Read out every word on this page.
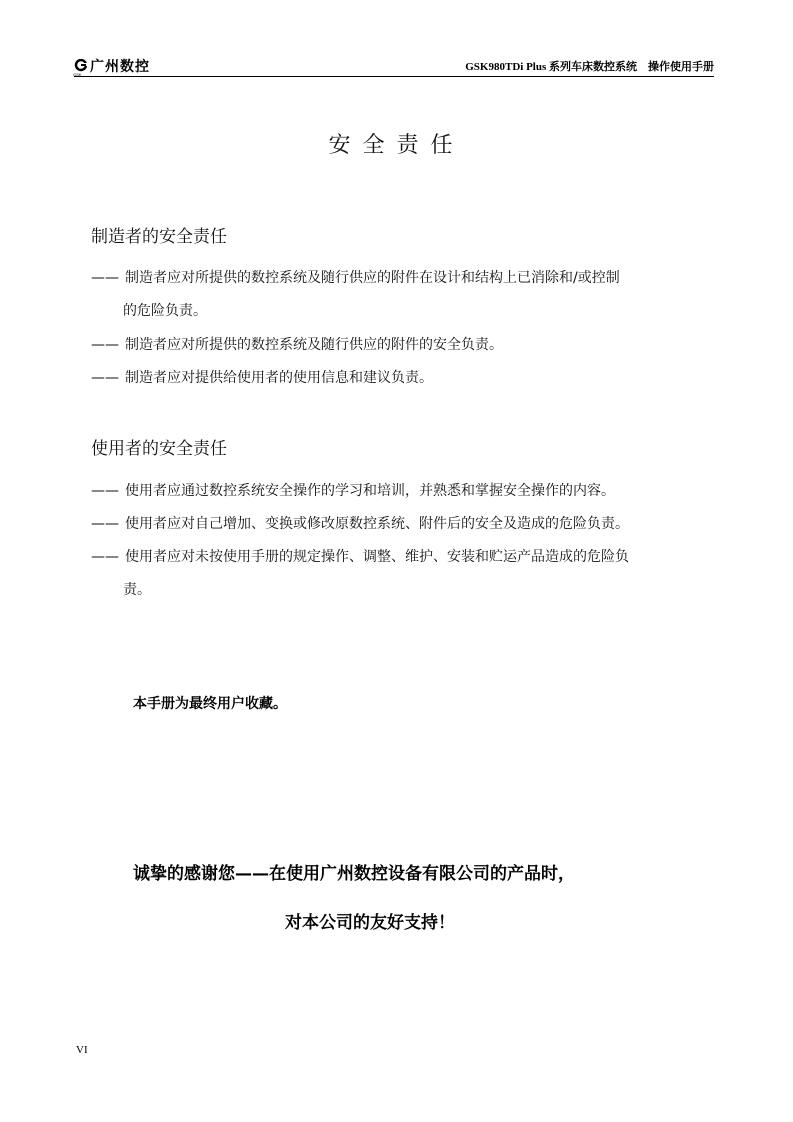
GSK 广州数控	GSK980TDi Plus 系列车床数控系统　操作使用手册
安全责任
制造者的安全责任
—— 制造者应对所提供的数控系统及随行供应的附件在设计和结构上已消除和/或控制
的危险负责。
—— 制造者应对所提供的数控系统及随行供应的附件的安全负责。
—— 制造者应对提供给使用者的使用信息和建议负责。
使用者的安全责任
—— 使用者应通过数控系统安全操作的学习和培训，并熟悉和掌握安全操作的内容。
—— 使用者应对自己增加、变换或修改原数控系统、附件后的安全及造成的危险负责。
—— 使用者应对未按使用手册的规定操作、调整、维护、安装和贮运产品造成的危险负
责。
本手册为最终用户收藏。
诚挚的感谢您——在使用广州数控设备有限公司的产品时，
对本公司的友好支持！
VI
